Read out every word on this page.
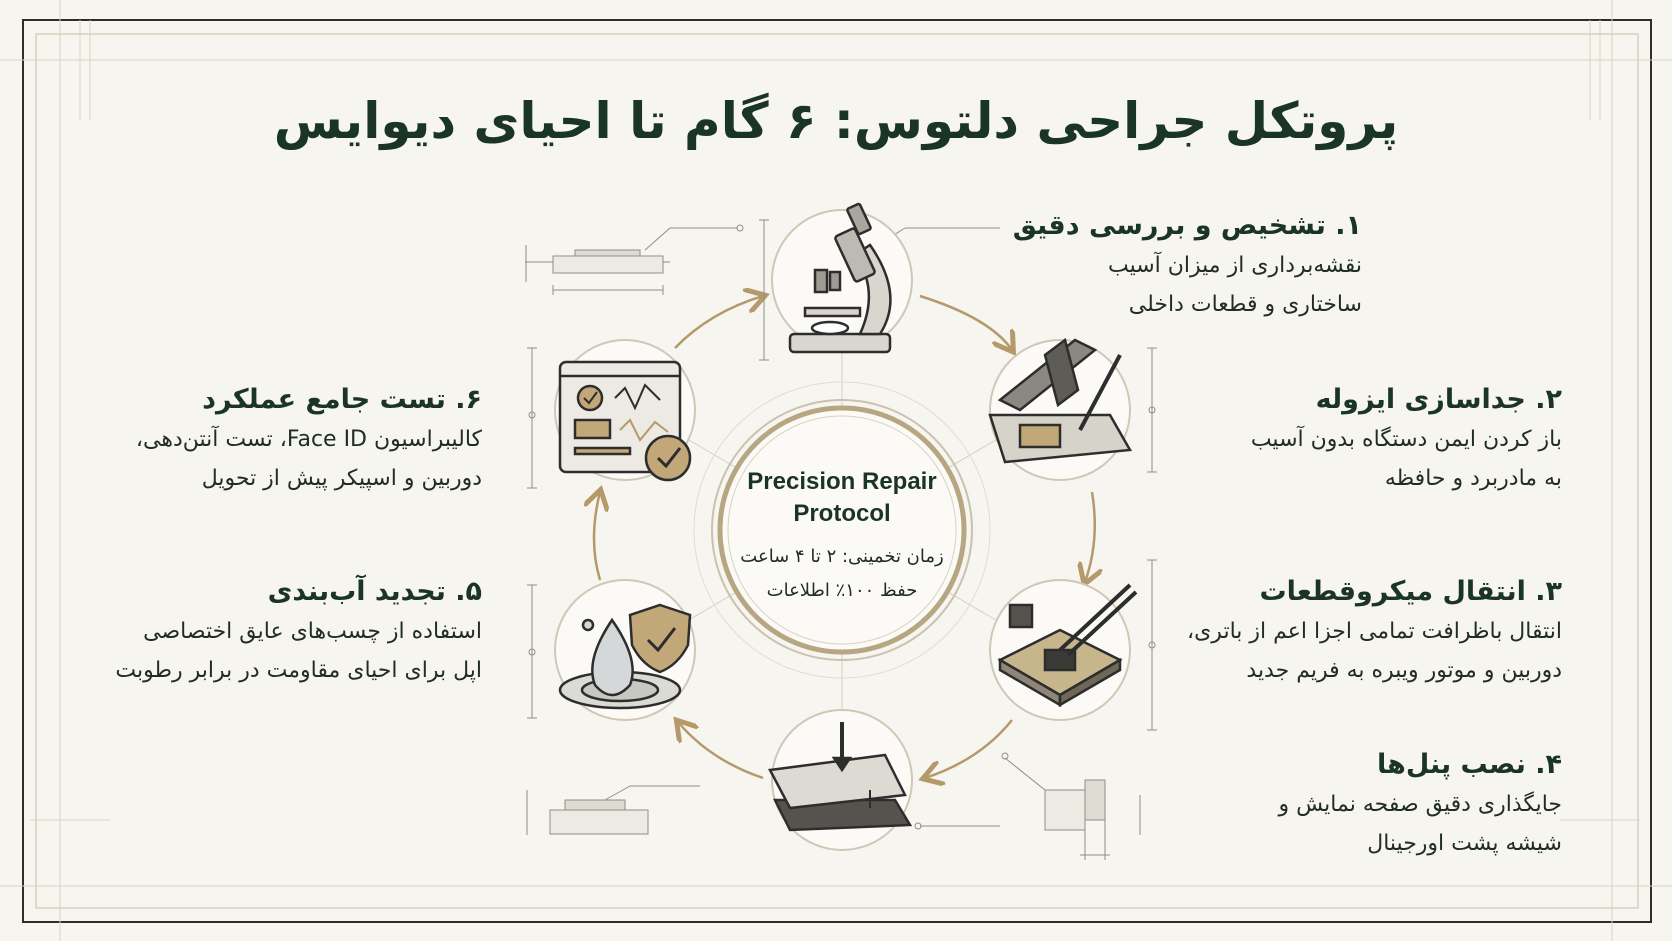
پروتکل جراحی دلتوس: ۶ گام تا احیای دیوایس
Precision Repair
Protocol
زمان تخمینی: ۲ تا ۴ ساعت
حفظ ۱۰۰٪ اطلاعات
۱. تشخیص و بررسی دقیق
نقشه‌برداری از میزان آسیب
ساختاری و قطعات داخلی
۲. جداسازی ایزوله
باز کردن ایمن دستگاه بدون آسیب
به مادربرد و حافظه
۳. انتقال میکروقطعات
انتقال باظرافت تمامی اجزا اعم از باتری،
دوربین و موتور ویبره به فریم جدید
۴. نصب پنل‌ها
جایگذاری دقیق صفحه نمایش و
شیشه پشت اورجینال
۵. تجدید آب‌بندی
استفاده از چسب‌های عایق اختصاصی
اپل برای احیای مقاومت در برابر رطوبت
۶. تست جامع عملکرد
کالیبراسیون Face ID، تست آنتن‌دهی،
دوربین و اسپیکر پیش از تحویل
